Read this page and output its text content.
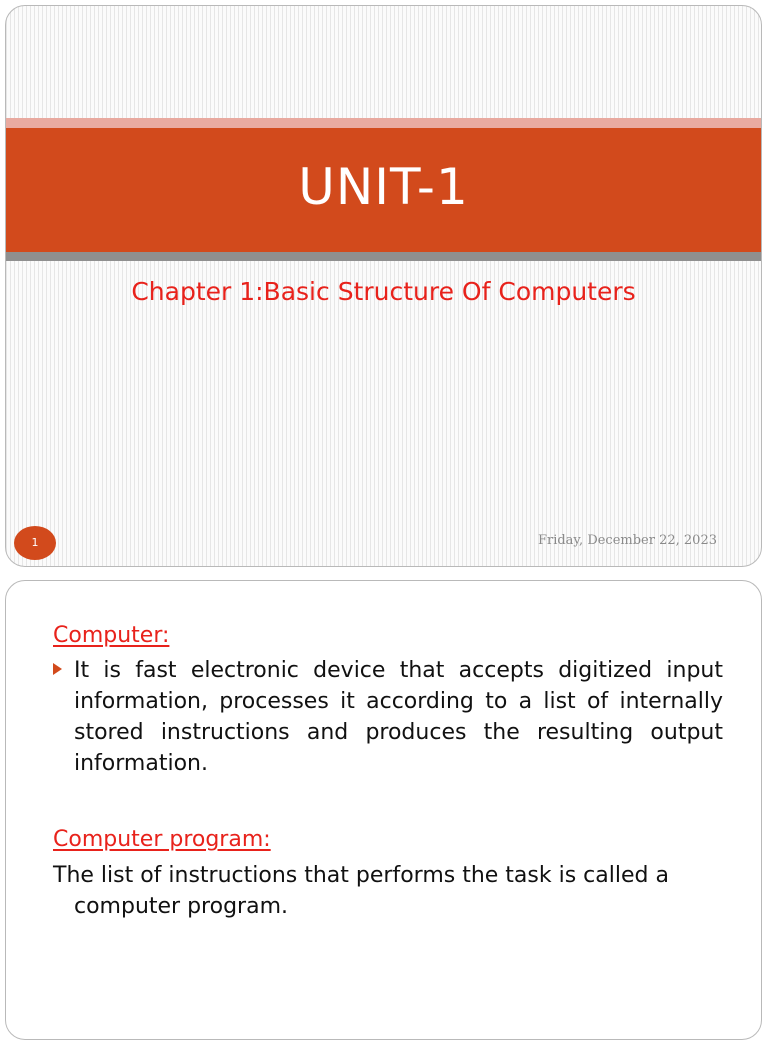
UNIT-1
Chapter 1:Basic Structure Of Computers
1	Friday, December 22, 2023
Computer:
It is fast electronic device that accepts digitized input information, processes it according to a list of internally stored instructions and produces the resulting output information.
Computer program:
The list of instructions that performs the task is called a computer program.
